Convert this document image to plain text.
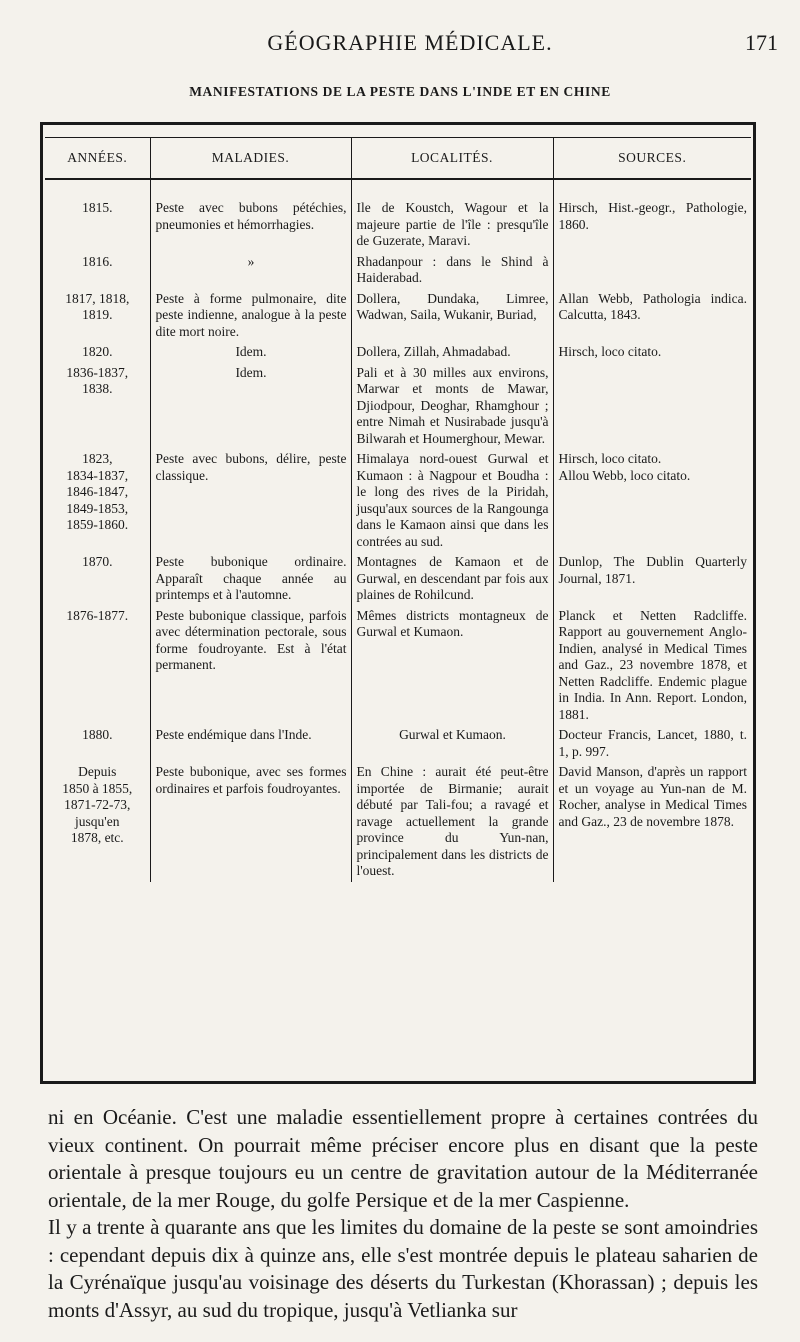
GÉOGRAPHIE MÉDICALE.	171
MANIFESTATIONS DE LA PESTE DANS L'INDE ET EN CHINE
ANNÉES.	MALADIES.	LOCALITÉS.	SOURCES.

1815.	Peste avec bubons pétéchies, pneumonies et hémorrhagies.	Ile de Koustch, Wagour et la majeure partie de l'île : presqu'île de Guzerate, Maravi.	Hirsch, Hist.-geogr., Pathologie, 1860.

1816.	»	Rhadanpour : dans le Shind à Haiderabad.	

1817, 1818,
1819.	Peste à forme pulmonaire, dite peste indienne, analogue à la peste dite mort noire.	Dollera, Dundaka, Limree, Wadwan, Saila, Wukanir, Buriad,	Allan Webb, Pathologia indica. Calcutta, 1843.

1820.	Idem.	Dollera, Zillah, Ahmadabad.	Hirsch, loco citato.

1836-1837,
1838.	Idem.	Pali et à 30 milles aux environs, Marwar et monts de Mawar, Djiodpour, Deoghar, Rhamghour ; entre Nimah et Nusirabade jusqu'à Bilwarah et Houmerghour, Mewar.	

1823,
1834-1837,
1846-1847,
1849-1853,
1859-1860.	Peste avec bubons, délire, peste classique.	Himalaya nord-ouest Gurwal et Kumaon : à Nagpour et Boudha : le long des rives de la Piridah, jusqu'aux sources de la Rangounga dans le Kamaon ainsi que dans les contrées au sud.	Hirsch, loco citato.
Allou Webb, loco citato.

1870.	Peste bubonique ordinaire. Apparaît chaque année au printemps et à l'automne.	Montagnes de Kamaon et de Gurwal, en descendant par fois aux plaines de Rohilcund.	Dunlop, The Dublin Quarterly Journal, 1871.

1876-1877.	Peste bubonique classique, parfois avec détermination pectorale, sous forme foudroyante. Est à l'état permanent.	Mêmes districts montagneux de Gurwal et Kumaon.	Planck et Netten Radcliffe. Rapport au gouvernement Anglo-Indien, analysé in Medical Times and Gaz., 23 novembre 1878, et Netten Radcliffe. Endemic plague in India. In Ann. Report. London, 1881.

1880.	Peste endémique dans l'Inde.	Gurwal et Kumaon.	Docteur Francis, Lancet, 1880, t. 1, p. 997.

Depuis
1850 à 1855,
1871-72-73,
jusqu'en
1878, etc.	Peste bubonique, avec ses formes ordinaires et parfois foudroyantes.	En Chine : aurait été peut-être importée de Birmanie; aurait débuté par Tali-fou; a ravagé et ravage actuellement la grande province du Yun-nan, principalement dans les districts de l'ouest.	David Manson, d'après un rapport et un voyage au Yun-nan de M. Rocher, analyse in Medical Times and Gaz., 23 de novembre 1878.

ni en Océanie. C'est une maladie essentiellement propre à certaines contrées du vieux continent. On pourrait même préciser encore plus en disant que la peste orientale à presque toujours eu un centre de gravitation autour de la Méditerranée orientale, de la mer Rouge, du golfe Persique et de la mer Caspienne.

Il y a trente à quarante ans que les limites du domaine de la peste se sont amoindries : cependant depuis dix à quinze ans, elle s'est montrée depuis le plateau saharien de la Cyrénaïque jusqu'au voisinage des déserts du Turkestan (Khorassan) ; depuis les monts d'Assyr, au sud du tropique, jusqu'à Vetlianka sur
